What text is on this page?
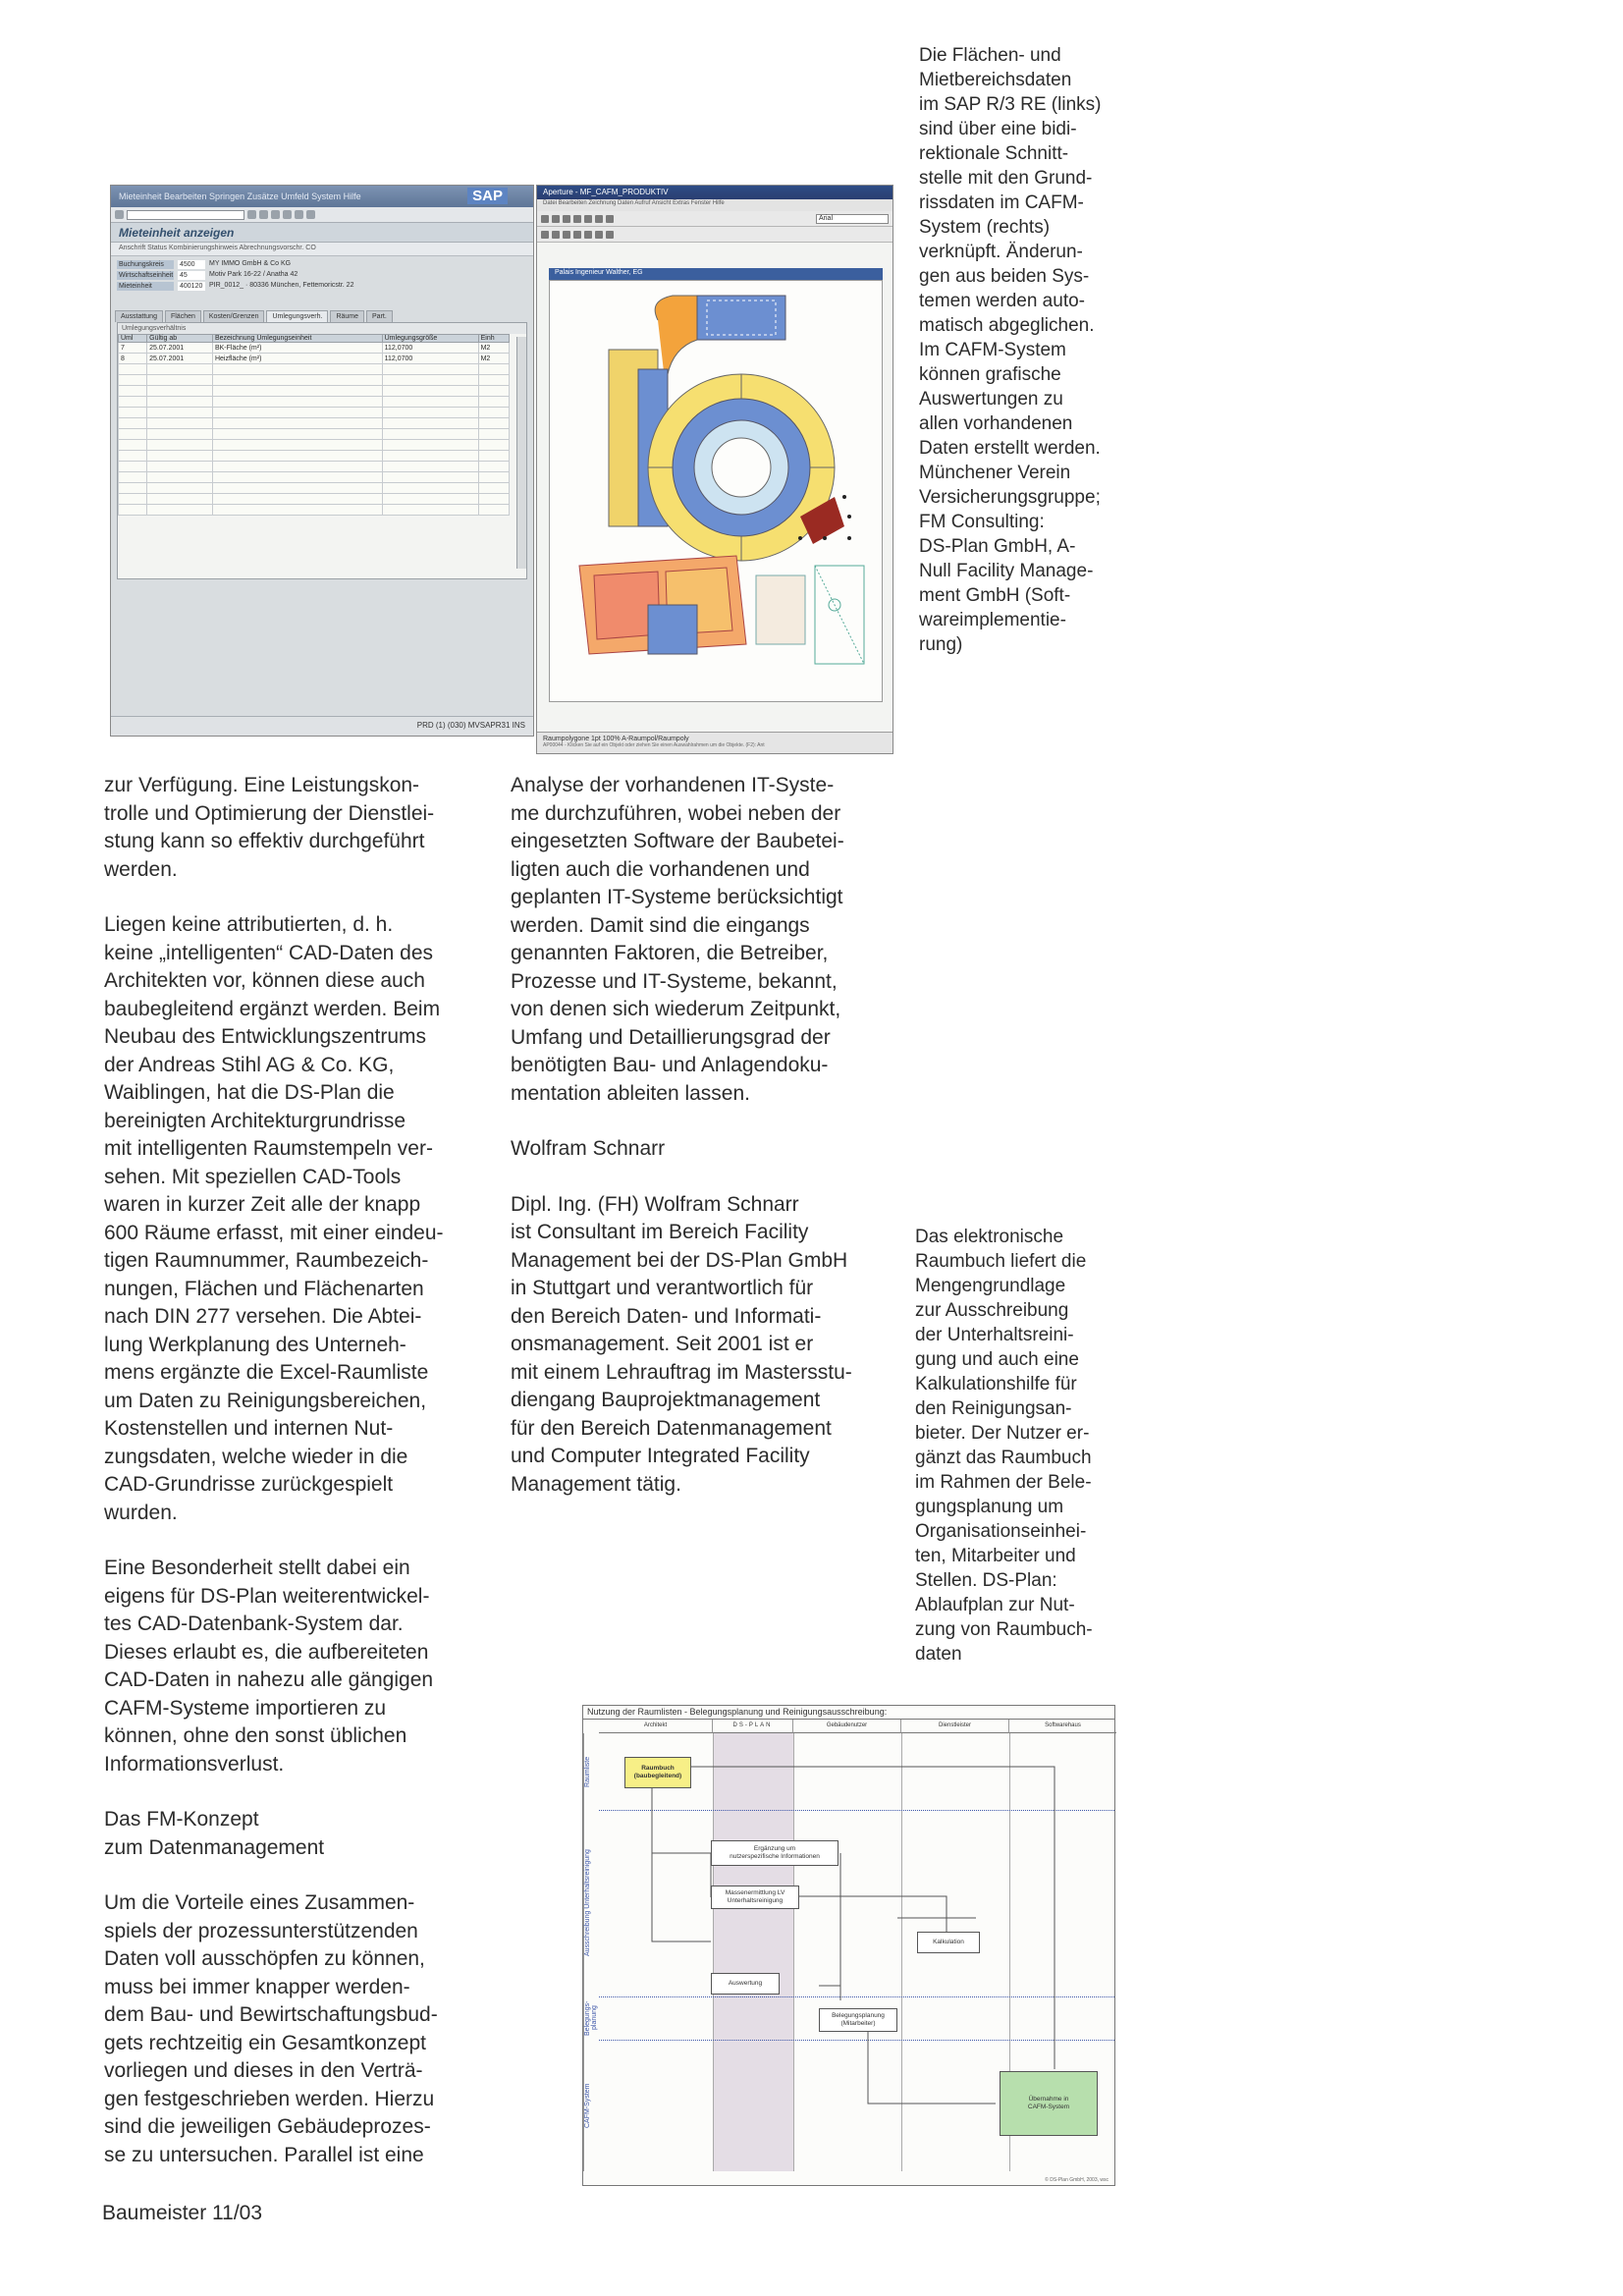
Mieteinheit Bearbeiten Springen Zusätze Umfeld System Hilfe	SAP
Mieteinheit anzeigen
Anschrift Status Kombinierungshinweis Abrechnungsvorschr. CO
Buchungskreis	4500	MY IMMO GmbH & Co KG
Wirtschaftseinheit 45	Motiv Park 16-22 / Anatha 42
Mieteinheit	400120 PIR_0012_ · 80336 München, Fettemoricstr. 22
Ausstattung	Flächen	Kosten/Grenzen	Umlegungsverh.	Räume	Part.
Umlegungsverhältnis
Uml	Gültig ab	Bezeichnung Umlegungseinheit	Umlegungsgröße	Einh
7	25.07.2001	BK-Fläche (m²)	112,0700	M2
8	25.07.2001	Heizfläche (m²)	112,0700	M2

PRD (1) (030) MVSAPR31 INS
Aperture - MF_CAFM_PRODUKTIV
Datei Bearbeiten Zeichnung Daten Aufruf Ansicht Extras Fenster Hilfe
Arial
Palais Ingenieur Walther, EG
Raumpolygone 1pt 100% A-Raumpol/Raumpoly
AP00044 - Klicken Sie auf ein Objekt oder ziehen Sie einen Auswahlrahmen um die Objekte. (F2): Ant
Die Flächen- und
Mietbereichsdaten
im SAP R/3 RE (links)
sind über eine bidi-
rektionale Schnitt-
stelle mit den Grund-
rissdaten im CAFM-
System (rechts)
verknüpft. Änderun-
gen aus beiden Sys-
temen werden auto-
matisch abgeglichen.
Im CAFM-System
können grafische
Auswertungen zu
allen vorhandenen
Daten erstellt werden.
Münchener Verein
Versicherungsgruppe;
FM Consulting:
DS-Plan GmbH, A-
Null Facility Manage-
ment GmbH (Soft-
wareimplementie-
rung)
Das elektronische
Raumbuch liefert die
Mengengrundlage
zur Ausschreibung
der Unterhaltsreini-
gung und auch eine
Kalkulationshilfe für
den Reinigungsan-
bieter. Der Nutzer er-
gänzt das Raumbuch
im Rahmen der Bele-
gungsplanung um
Organisationseinhei-
ten, Mitarbeiter und
Stellen. DS-Plan:
Ablaufplan zur Nut-
zung von Raumbuch-
daten

zur Verfügung. Eine Leistungskon-
trolle und Optimierung der Dienstlei-
stung kann so effektiv durchgeführt
werden.

Liegen keine attributierten, d. h.
keine „intelligenten“ CAD-Daten des
Architekten vor, können diese auch
baubegleitend ergänzt werden. Beim
Neubau des Entwicklungszentrums
der Andreas Stihl AG & Co. KG,
Waiblingen, hat die DS-Plan die
bereinigten Architekturgrundrisse
mit intelligenten Raumstempeln ver-
sehen. Mit speziellen CAD-Tools
waren in kurzer Zeit alle der knapp
600 Räume erfasst, mit einer eindeu-
tigen Raumnummer, Raumbezeich-
nungen, Flächen und Flächenarten
nach DIN 277 versehen. Die Abtei-
lung Werkplanung des Unterneh-
mens ergänzte die Excel-Raumliste
um Daten zu Reinigungsbereichen,
Kostenstellen und internen Nut-
zungsdaten, welche wieder in die
CAD-Grundrisse zurückgespielt
wurden.

Eine Besonderheit stellt dabei ein
eigens für DS-Plan weiterentwickel-
tes CAD-Datenbank-System dar.
Dieses erlaubt es, die aufbereiteten
CAD-Daten in nahezu alle gängigen
CAFM-Systeme importieren zu
können, ohne den sonst üblichen
Informationsverlust.

Das FM-Konzept
zum Datenmanagement

Um die Vorteile eines Zusammen-
spiels der prozessunterstützenden
Daten voll ausschöpfen zu können,
muss bei immer knapper werden-
dem Bau- und Bewirtschaftungsbud-
gets rechtzeitig ein Gesamtkonzept
vorliegen und dieses in den Verträ-
gen festgeschrieben werden. Hierzu
sind die jeweiligen Gebäudeprozes-
se zu untersuchen. Parallel ist eine

Analyse der vorhandenen IT-Syste-
me durchzuführen, wobei neben der
eingesetzten Software der Baubetei-
ligten auch die vorhandenen und
geplanten IT-Systeme berücksichtigt
werden. Damit sind die eingangs
genannten Faktoren, die Betreiber,
Prozesse und IT-Systeme, bekannt,
von denen sich wiederum Zeitpunkt,
Umfang und Detaillierungsgrad der
benötigten Bau- und Anlagendoku-
mentation ableiten lassen.

Wolfram Schnarr

Dipl. Ing. (FH) Wolfram Schnarr
ist Consultant im Bereich Facility
Management bei der DS-Plan GmbH
in Stuttgart und verantwortlich für
den Bereich Daten- und Informati-
onsmanagement. Seit 2001 ist er
mit einem Lehrauftrag im Mastersstu-
diengang Bauprojektmanagement
für den Bereich Datenmanagement
und Computer Integrated Facility
Management tätig.

Nutzung der Raumlisten - Belegungsplanung und Reinigungsausschreibung:
Architekt	DS-PLAN	Gebäudenutzer	Dienstleister	Softwarehaus
Raumliste
Ausschreibung Unterhaltsreinigung
Belegungs-
planung
CAFM-System
Raumbuch
(baubegleitend)
Ergänzung um
nutzerspezifische Informationen
Massenermittlung LV
Unterhaltsreinigung
Kalkulation
Auswertung
Belegungsplanung
(Mitarbeiter)
Übernahme in
CAFM-System
© DS-Plan GmbH, 2003, wsc
Baumeister 11/03
